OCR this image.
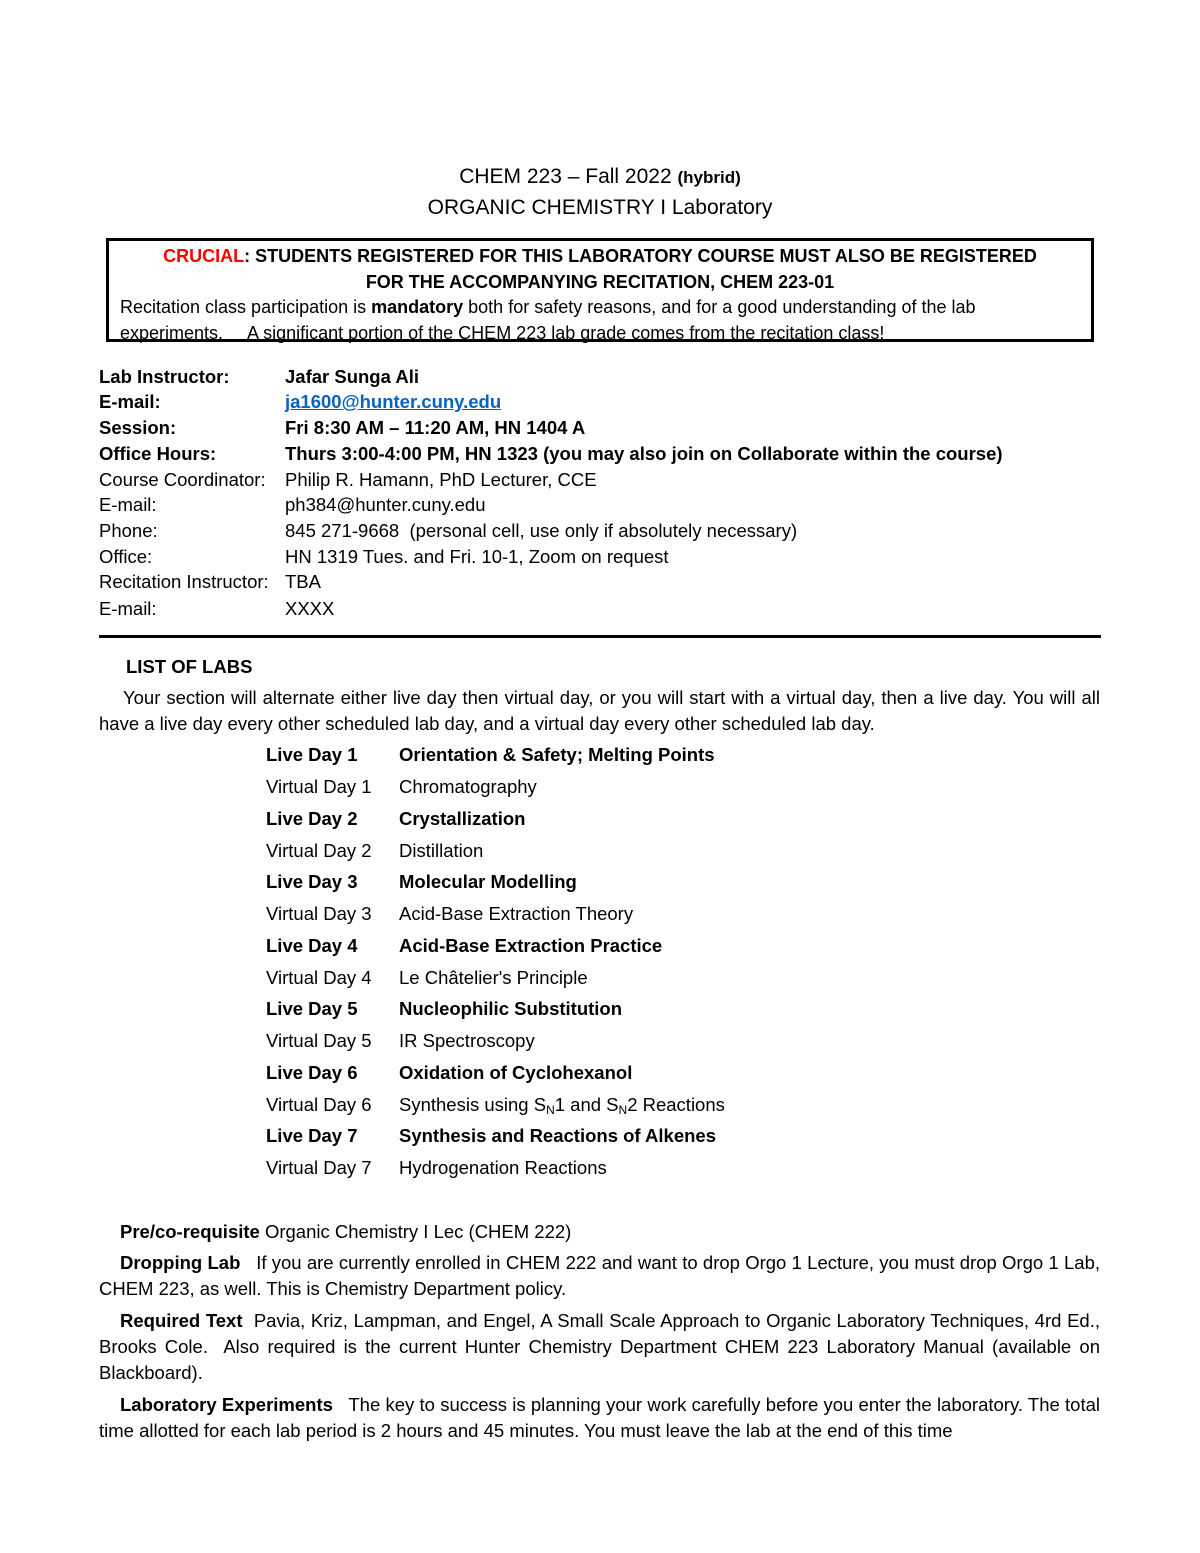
CHEM 223 – Fall 2022 (hybrid)
ORGANIC CHEMISTRY I Laboratory
CRUCIAL: STUDENTS REGISTERED FOR THIS LABORATORY COURSE MUST ALSO BE REGISTERED
FOR THE ACCOMPANYING RECITATION, CHEM 223-01
Recitation class participation is mandatory both for safety reasons, and for a good understanding of the lab
experiments.     A significant portion of the CHEM 223 lab grade comes from the recitation class!
Lab Instructor:	Jafar Sunga Ali
E-mail:	ja1600@hunter.cuny.edu
Session:	Fri 8:30 AM – 11:20 AM, HN 1404 A
Office Hours:	Thurs 3:00-4:00 PM, HN 1323 (you may also join on Collaborate within the course)
Course Coordinator: Philip R. Hamann, PhD Lecturer, CCE
E-mail:	ph384@hunter.cuny.edu
Phone:	845 271-9668  (personal cell, use only if absolutely necessary)
Office:	HN 1319 Tues. and Fri. 10-1, Zoom on request
Recitation Instructor: TBA
E-mail:	XXXX
LIST OF LABS
Your section will alternate either live day then virtual day, or you will start with a virtual day, then a live day. You will all have a live day every other scheduled lab day, and a virtual day every other scheduled lab day.
Live Day 1 Orientation & Safety; Melting Points
Virtual Day 1 Chromatography
Live Day 2 Crystallization
Virtual Day 2 Distillation
Live Day 3 Molecular Modelling
Virtual Day 3 Acid-Base Extraction Theory
Live Day 4 Acid-Base Extraction Practice
Virtual Day 4 Le Châtelier's Principle
Live Day 5 Nucleophilic Substitution
Virtual Day 5 IR Spectroscopy
Live Day 6 Oxidation of Cyclohexanol
Virtual Day 6 Synthesis using $S_N1$ and $S_N2$ Reactions
Live Day 7 Synthesis and Reactions of Alkenes
Virtual Day 7 Hydrogenation Reactions
Pre/co-requisite Organic Chemistry I Lec (CHEM 222)
Dropping Lab   If you are currently enrolled in CHEM 222 and want to drop Orgo 1 Lecture, you must drop Orgo 1 Lab, CHEM 223, as well. This is Chemistry Department policy.
Required Text  Pavia, Kriz, Lampman, and Engel, A Small Scale Approach to Organic Laboratory Techniques, 4rd Ed., Brooks Cole.  Also required is the current Hunter Chemistry Department CHEM 223 Laboratory Manual (available on Blackboard).
Laboratory Experiments   The key to success is planning your work carefully before you enter the laboratory. The total time allotted for each lab period is 2 hours and 45 minutes. You must leave the lab at the end of this time
